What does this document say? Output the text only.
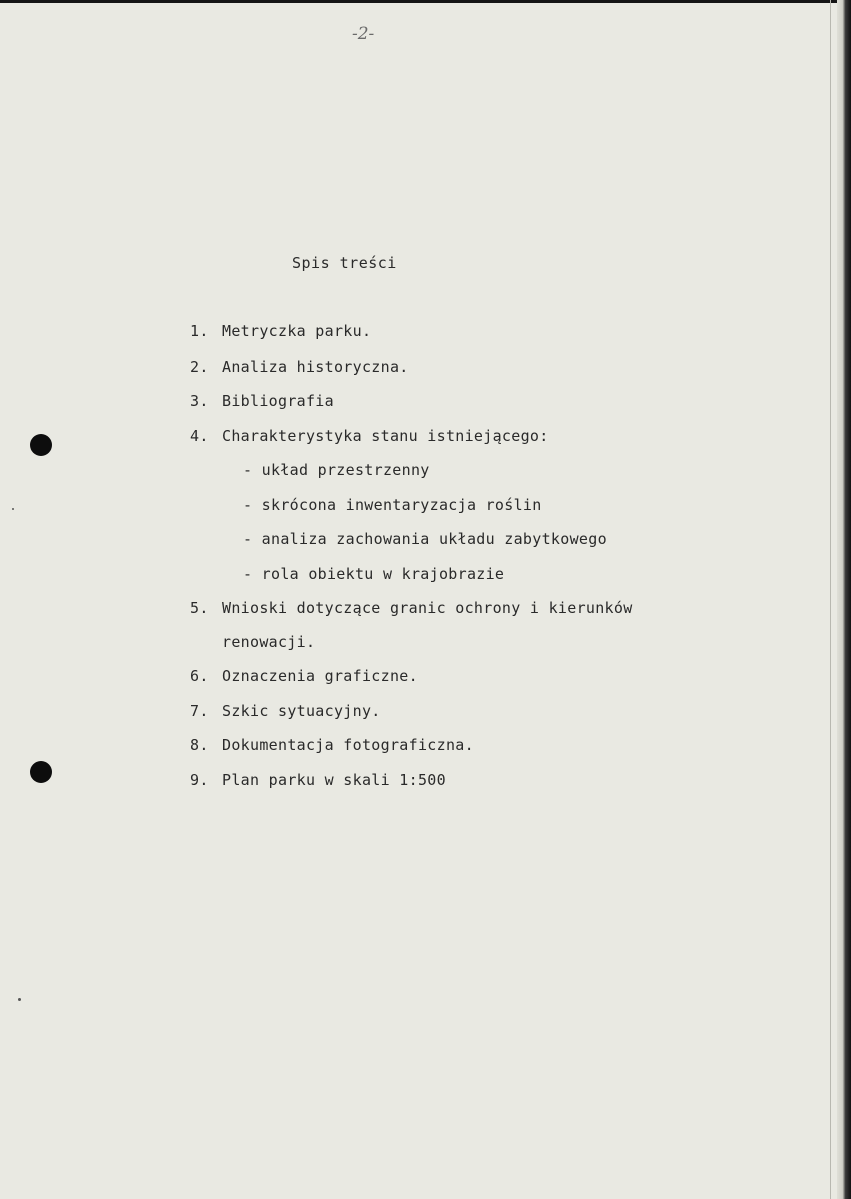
-2-
Spis treści
1. Metryczka parku.
2. Analiza historyczna.
3. Bibliografia
4. Charakterystyka stanu istniejącego:
- układ przestrzenny
- skrócona inwentaryzacja roślin
- analiza zachowania układu zabytkowego
- rola obiektu w krajobrazie
5. Wnioski dotyczące granic ochrony i kierunków
renowacji.
6. Oznaczenia graficzne.
7. Szkic sytuacyjny.
8. Dokumentacja fotograficzna.
9. Plan parku w skali 1:500
